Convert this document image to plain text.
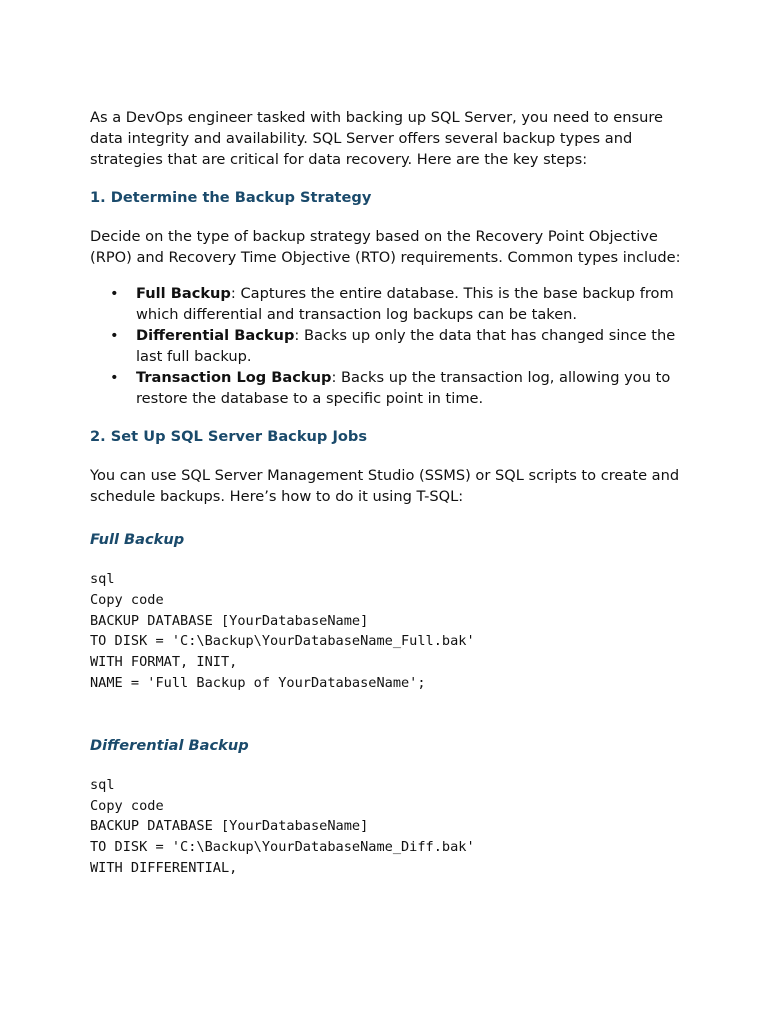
As a DevOps engineer tasked with backing up SQL Server, you need to ensure data integrity and availability. SQL Server offers several backup types and strategies that are critical for data recovery. Here are the key steps:

1. Determine the Backup Strategy

Decide on the type of backup strategy based on the Recovery Point Objective (RPO) and Recovery Time Objective (RTO) requirements. Common types include:

• Full Backup: Captures the entire database. This is the base backup from which differential and transaction log backups can be taken.
• Differential Backup: Backs up only the data that has changed since the last full backup.
• Transaction Log Backup: Backs up the transaction log, allowing you to restore the database to a specific point in time.
2. Set Up SQL Server Backup Jobs

You can use SQL Server Management Studio (SSMS) or SQL scripts to create and schedule backups. Here’s how to do it using T-SQL:

Full Backup
sql
Copy code
BACKUP DATABASE [YourDatabaseName]
TO DISK = 'C:\Backup\YourDatabaseName_Full.bak'
WITH FORMAT, INIT,
NAME = 'Full Backup of YourDatabaseName';
Differential Backup
sql
Copy code
BACKUP DATABASE [YourDatabaseName]
TO DISK = 'C:\Backup\YourDatabaseName_Diff.bak'
WITH DIFFERENTIAL,
